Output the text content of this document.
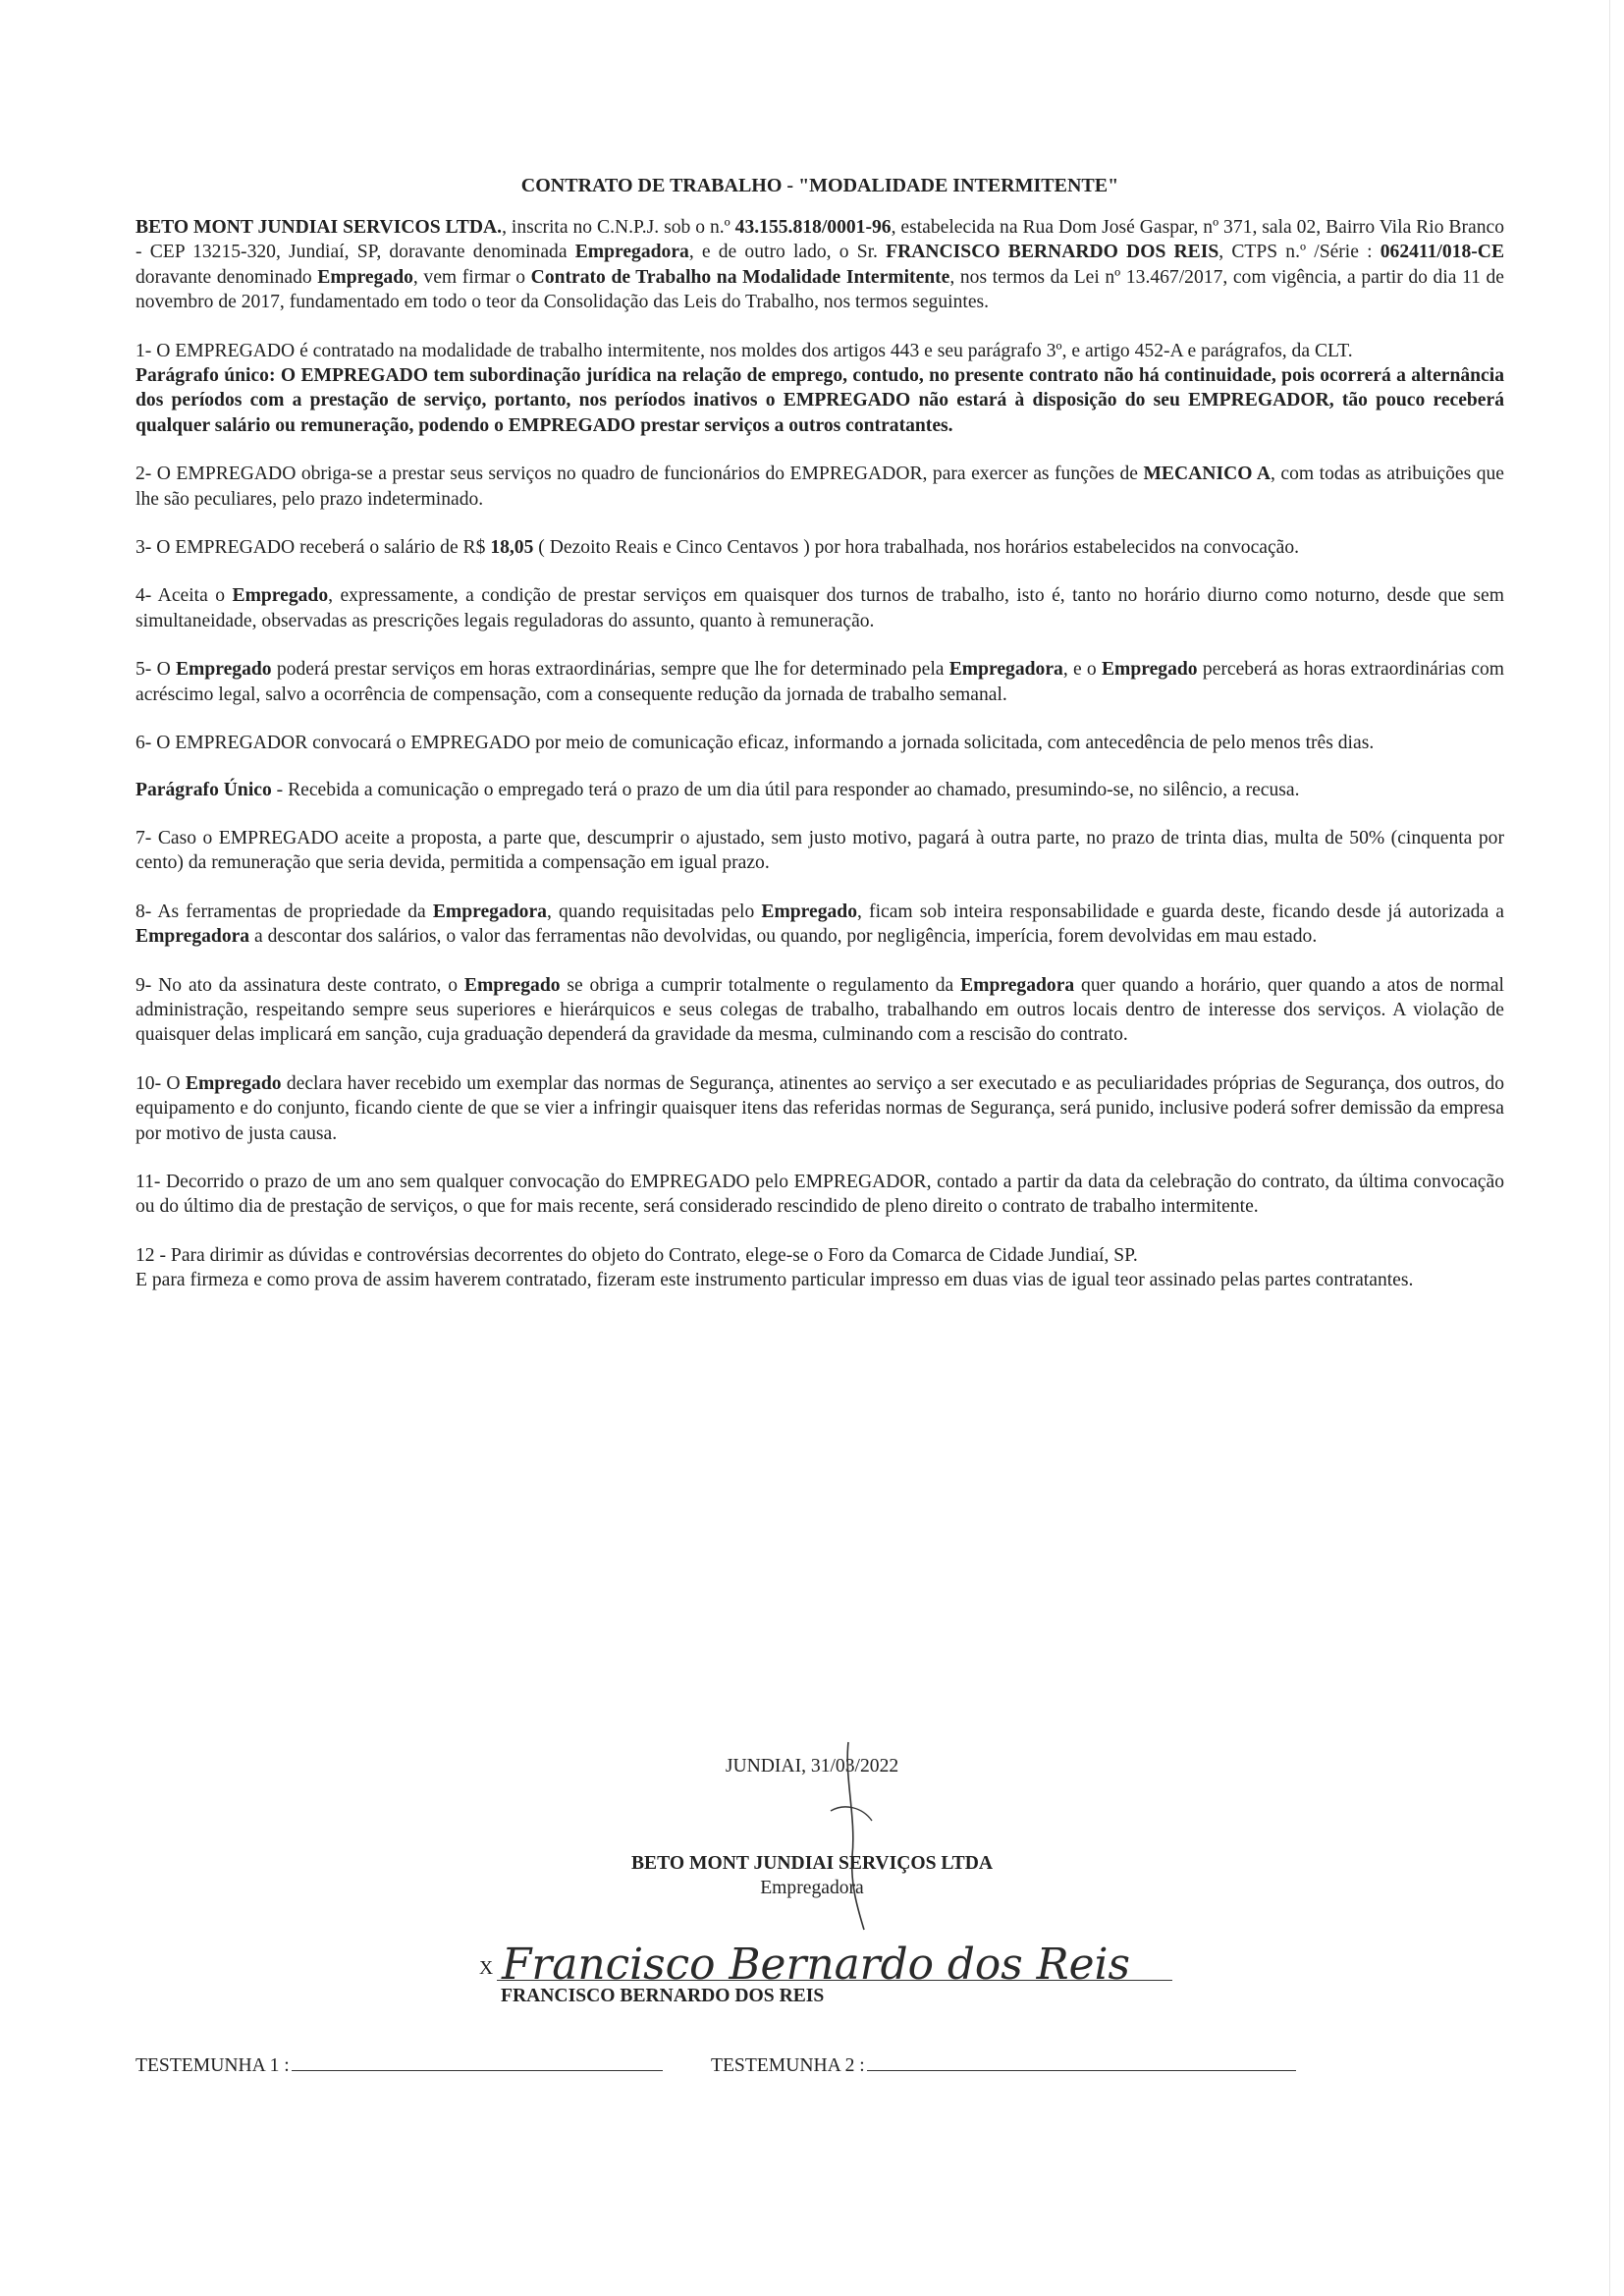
CONTRATO DE TRABALHO - "MODALIDADE INTERMITENTE"

BETO MONT JUNDIAI SERVICOS LTDA., inscrita no C.N.P.J. sob o n.º 43.155.818/0001-96, estabelecida na Rua Dom José Gaspar, nº 371, sala 02, Bairro Vila Rio Branco - CEP 13215-320, Jundiaí, SP, doravante denominada Empregadora, e de outro lado, o Sr. FRANCISCO BERNARDO DOS REIS, CTPS n.º /Série : 062411/018-CE doravante denominado Empregado, vem firmar o Contrato de Trabalho na Modalidade Intermitente, nos termos da Lei nº 13.467/2017, com vigência, a partir do dia 11 de novembro de 2017, fundamentado em todo o teor da Consolidação das Leis do Trabalho, nos termos seguintes.

1- O EMPREGADO é contratado na modalidade de trabalho intermitente, nos moldes dos artigos 443 e seu parágrafo 3º, e artigo 452-A e parágrafos, da CLT.
Parágrafo único: O EMPREGADO tem subordinação jurídica na relação de emprego, contudo, no presente contrato não há continuidade, pois ocorrerá a alternância dos períodos com a prestação de serviço, portanto, nos períodos inativos o EMPREGADO não estará à disposição do seu EMPREGADOR, tão pouco receberá qualquer salário ou remuneração, podendo o EMPREGADO prestar serviços a outros contratantes.

2- O EMPREGADO obriga-se a prestar seus serviços no quadro de funcionários do EMPREGADOR, para exercer as funções de MECANICO A, com todas as atribuições que lhe são peculiares, pelo prazo indeterminado.

3- O EMPREGADO receberá o salário de R$ 18,05 ( Dezoito Reais e Cinco Centavos ) por hora trabalhada, nos horários estabelecidos na convocação.

4- Aceita o Empregado, expressamente, a condição de prestar serviços em quaisquer dos turnos de trabalho, isto é, tanto no horário diurno como noturno, desde que sem simultaneidade, observadas as prescrições legais reguladoras do assunto, quanto à remuneração.

5- O Empregado poderá prestar serviços em horas extraordinárias, sempre que lhe for determinado pela Empregadora, e o Empregado perceberá as horas extraordinárias com acréscimo legal, salvo a ocorrência de compensação, com a consequente redução da jornada de trabalho semanal.

6- O EMPREGADOR convocará o EMPREGADO por meio de comunicação eficaz, informando a jornada solicitada, com antecedência de pelo menos três dias.

Parágrafo Único - Recebida a comunicação o empregado terá o prazo de um dia útil para responder ao chamado, presumindo-se, no silêncio, a recusa.

7- Caso o EMPREGADO aceite a proposta, a parte que, descumprir o ajustado, sem justo motivo, pagará à outra parte, no prazo de trinta dias, multa de 50% (cinquenta por cento) da remuneração que seria devida, permitida a compensação em igual prazo.

8- As ferramentas de propriedade da Empregadora, quando requisitadas pelo Empregado, ficam sob inteira responsabilidade e guarda deste, ficando desde já autorizada a Empregadora a descontar dos salários, o valor das ferramentas não devolvidas, ou quando, por negligência, imperícia, forem devolvidas em mau estado.

9- No ato da assinatura deste contrato, o Empregado se obriga a cumprir totalmente o regulamento da Empregadora quer quando a horário, quer quando a atos de normal administração, respeitando sempre seus superiores e hierárquicos e seus colegas de trabalho, trabalhando em outros locais dentro de interesse dos serviços. A violação de quaisquer delas implicará em sanção, cuja graduação dependerá da gravidade da mesma, culminando com a rescisão do contrato.

10- O Empregado declara haver recebido um exemplar das normas de Segurança, atinentes ao serviço a ser executado e as peculiaridades próprias de Segurança, dos outros, do equipamento e do conjunto, ficando ciente de que se vier a infringir quaisquer itens das referidas normas de Segurança, será punido, inclusive poderá sofrer demissão da empresa por motivo de justa causa.

11- Decorrido o prazo de um ano sem qualquer convocação do EMPREGADO pelo EMPREGADOR, contado a partir da data da celebração do contrato, da última convocação ou do último dia de prestação de serviços, o que for mais recente, será considerado rescindido de pleno direito o contrato de trabalho intermitente.

12 - Para dirimir as dúvidas e controvérsias decorrentes do objeto do Contrato, elege-se o Foro da Comarca de Cidade Jundiaí, SP.
E para firmeza e como prova de assim haverem contratado, fizeram este instrumento particular impresso em duas vias de igual teor assinado pelas partes contratantes.

JUNDIAI, 31/03/2022
BETO MONT JUNDIAI SERVIÇOS LTDA
Empregadora
X Francisco Bernardo dos Reis
FRANCISCO BERNARDO DOS REIS
TESTEMUNHA 1 :	TESTEMUNHA 2 :
